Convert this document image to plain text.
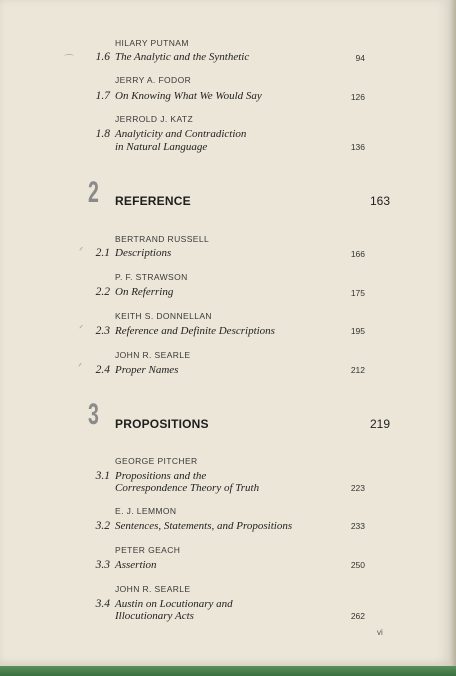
HILARY PUTNAM
⌒	1.6 The Analytic and the Synthetic	94
JERRY A. FODOR
1.7 On Knowing What We Would Say	126
JERROLD J. KATZ
1.8 Analyticity and Contradiction
in Natural Language	136
2 REFERENCE	163
BERTRAND RUSSELL
ᐟ	2.1 Descriptions	166
P. F. STRAWSON
2.2 On Referring	175
KEITH S. DONNELLAN
ᐟ	2.3 Reference and Definite Descriptions	195
JOHN R. SEARLE
ᐟ	2.4 Proper Names	212
3 PROPOSITIONS	219
GEORGE PITCHER
3.1 Propositions and the
Correspondence Theory of Truth	223
E. J. LEMMON
3.2 Sentences, Statements, and Propositions	233
PETER GEACH
3.3 Assertion	250
JOHN R. SEARLE
3.4 Austin on Locutionary and
Illocutionary Acts	262
vi
